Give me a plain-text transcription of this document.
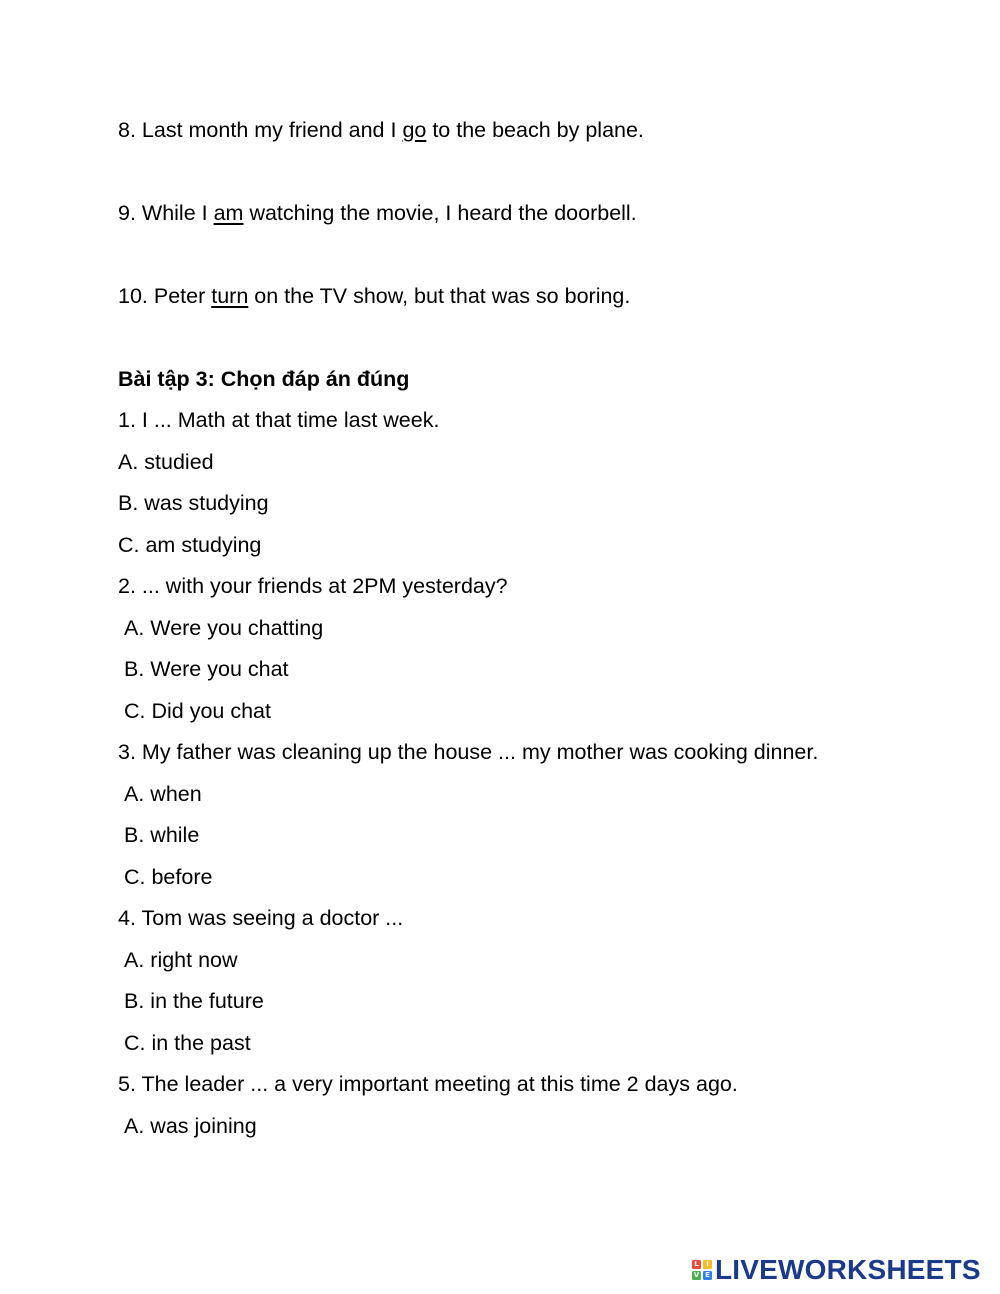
8. Last month my friend and I go to the beach by plane.
9. While I am watching the movie, I heard the doorbell.
10. Peter turn on the TV show, but that was so boring.
Bài tập 3: Chọn đáp án đúng
1. I ... Math at that time last week.
A. studied
B. was studying
C. am studying
2. ... with your friends at 2PM yesterday?
A. Were you chatting
B. Were you chat
C. Did you chat
3. My father was cleaning up the house ... my mother was cooking dinner.
A. when
B. while
C. before
4. Tom was seeing a doctor ...
A. right now
B. in the future
C. in the past
5. The leader ... a very important meeting at this time 2 days ago.
A. was joining
L	I
V E LIVEWORKSHEETS
